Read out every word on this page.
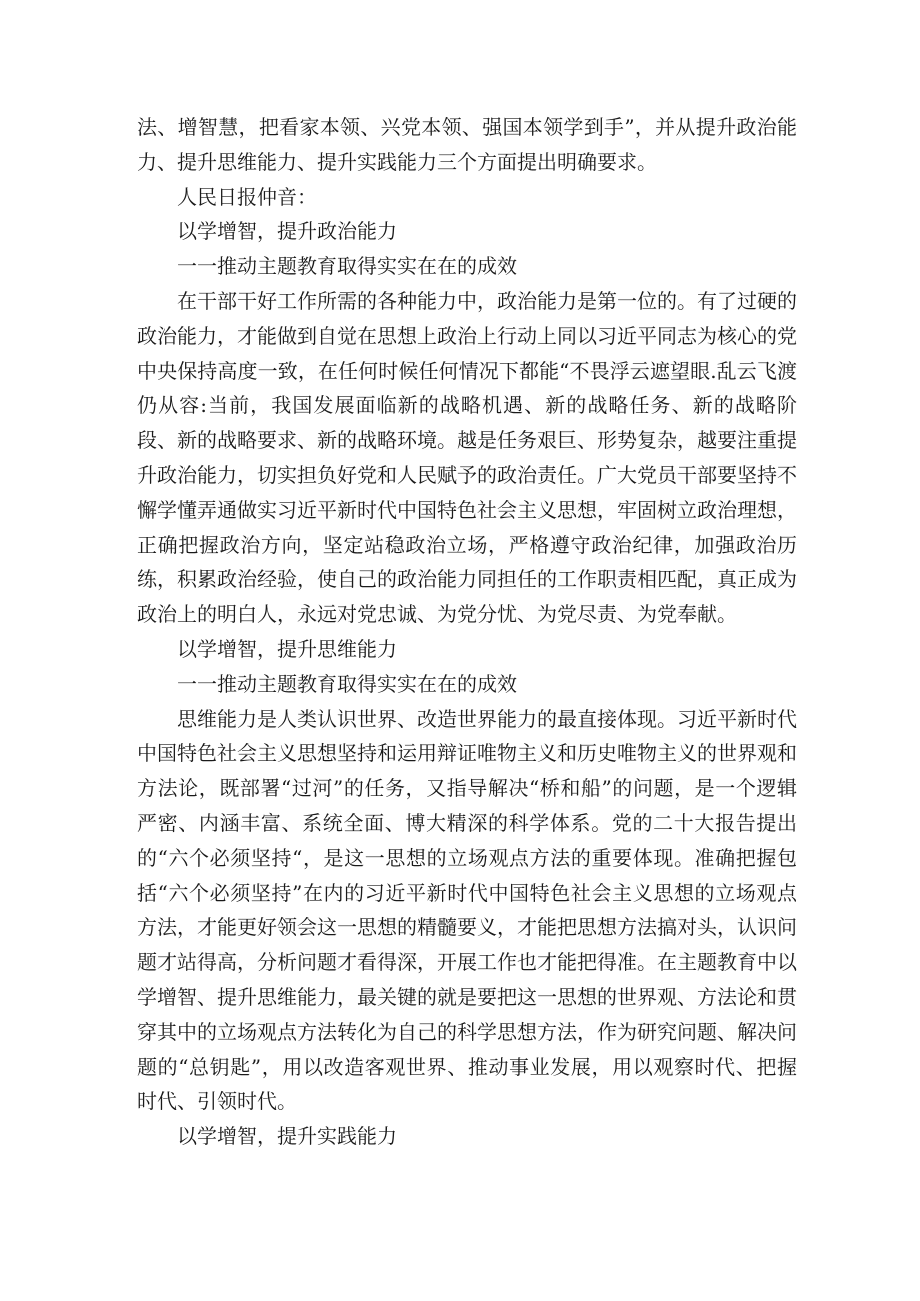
法、增智慧，把看家本领、兴党本领、强国本领学到手”，并从提升政治能力、提升思维能力、提升实践能力三个方面提出明确要求。

人民日报仲音：

以学增智，提升政治能力

一一推动主题教育取得实实在在的成效

在干部干好工作所需的各种能力中，政治能力是第一位的。有了过硬的政治能力，才能做到自觉在思想上政治上行动上同以习近平同志为核心的党中央保持高度一致，在任何时候任何情况下都能“不畏浮云遮望眼.乱云飞渡仍从容:当前，我国发展面临新的战略机遇、新的战略任务、新的战略阶段、新的战略要求、新的战略环境。越是任务艰巨、形势复杂，越要注重提升政治能力，切实担负好党和人民赋予的政治责任。广大党员干部要坚持不懈学懂弄通做实习近平新时代中国特色社会主义思想，牢固树立政治理想，正确把握政治方向，坚定站稳政治立场，严格遵守政治纪律，加强政治历练，积累政治经验，使自己的政治能力同担任的工作职责相匹配，真正成为政治上的明白人，永远对党忠诚、为党分忧、为党尽责、为党奉献。

以学增智，提升思维能力

一一推动主题教育取得实实在在的成效

思维能力是人类认识世界、改造世界能力的最直接体现。习近平新时代中国特色社会主义思想坚持和运用辩证唯物主义和历史唯物主义的世界观和方法论，既部署“过河”的任务，又指导解决“桥和船”的问题，是一个逻辑严密、内涵丰富、系统全面、博大精深的科学体系。党的二十大报告提出的“六个必须坚持“，是这一思想的立场观点方法的重要体现。准确把握包括“六个必须坚持”在内的习近平新时代中国特色社会主义思想的立场观点方法，才能更好领会这一思想的精髓要义，才能把思想方法搞对头，认识问题才站得高，分析问题才看得深，开展工作也才能把得准。在主题教育中以学增智、提升思维能力，最关键的就是要把这一思想的世界观、方法论和贯穿其中的立场观点方法转化为自己的科学思想方法，作为研究问题、解决问题的“总钥匙”，用以改造客观世界、推动事业发展，用以观察时代、把握时代、引领时代。

以学增智，提升实践能力
